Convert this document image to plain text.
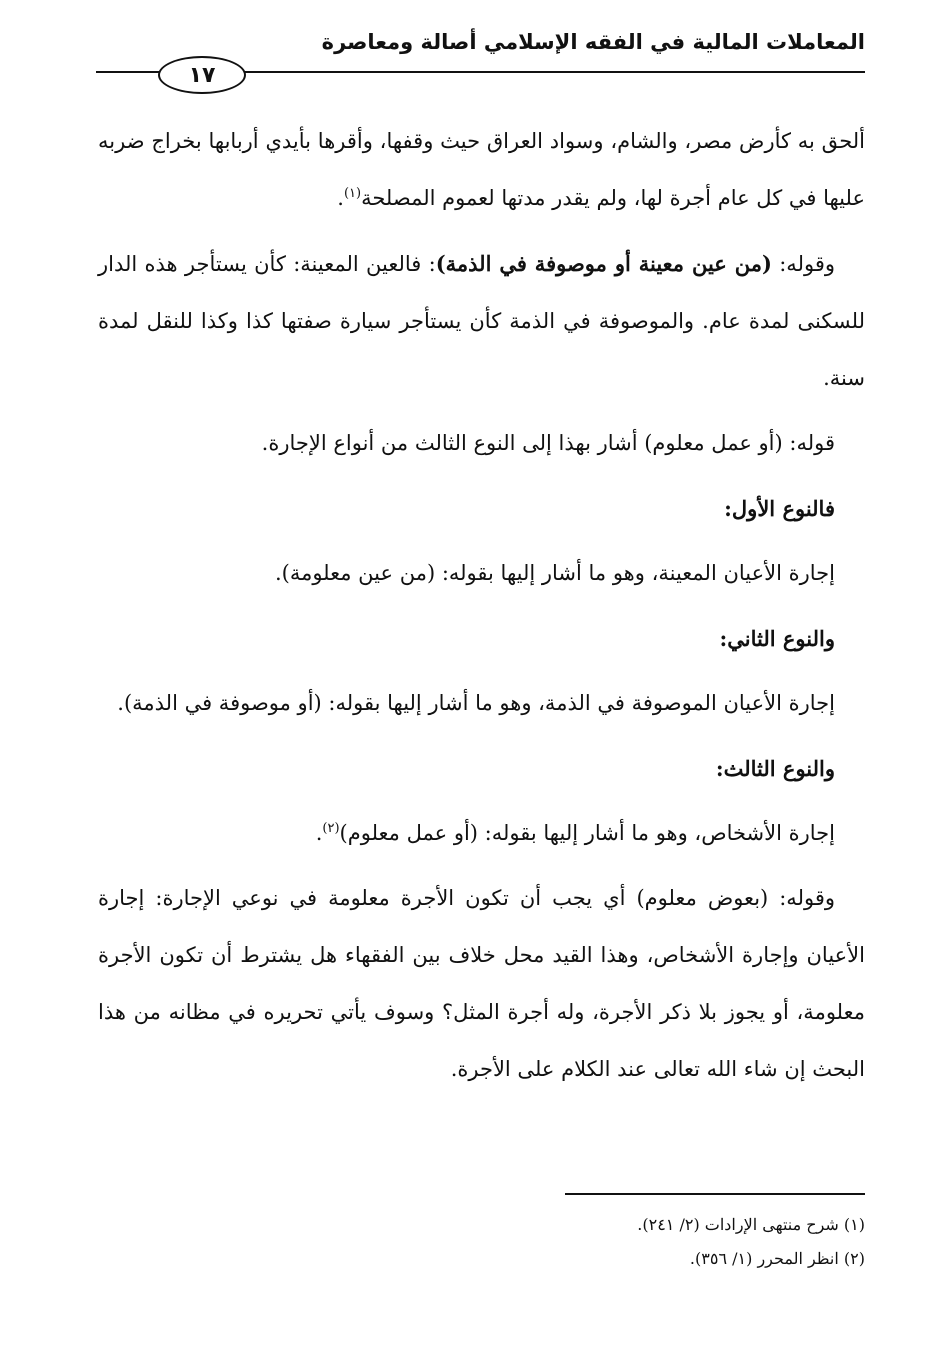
المعاملات المالية في الفقه الإسلامي أصالة ومعاصرة
١٧

ألحق به كأرض مصر، والشام، وسواد العراق حيث وقفها، وأقرها بأيدي أربابها بخراج ضربه عليها في كل عام أجرة لها، ولم يقدر مدتها لعموم المصلحة$^{(١)}$.

وقوله: (من عين معينة أو موصوفة في الذمة): فالعين المعينة: كأن يستأجر هذه الدار للسكنى لمدة عام. والموصوفة في الذمة كأن يستأجر سيارة صفتها كذا وكذا للنقل لمدة سنة.

قوله: (أو عمل معلوم) أشار بهذا إلى النوع الثالث من أنواع الإجارة.

فالنوع الأول:

إجارة الأعيان المعينة، وهو ما أشار إليها بقوله: (من عين معلومة).

والنوع الثاني:

إجارة الأعيان الموصوفة في الذمة، وهو ما أشار إليها بقوله: (أو موصوفة في الذمة).

والنوع الثالث:

إجارة الأشخاص، وهو ما أشار إليها بقوله: (أو عمل معلوم)$^{(٢)}$.

وقوله: (بعوض معلوم) أي يجب أن تكون الأجرة معلومة في نوعي الإجارة: إجارة الأعيان وإجارة الأشخاص، وهذا القيد محل خلاف بين الفقهاء هل يشترط أن تكون الأجرة معلومة، أو يجوز بلا ذكر الأجرة، وله أجرة المثل؟ وسوف يأتي تحريره في مظانه من هذا البحث إن شاء الله تعالى عند الكلام على الأجرة.

(١) شرح منتهى الإرادات (٢/ ٢٤١).

(٢) انظر المحرر (١/ ٣٥٦).
